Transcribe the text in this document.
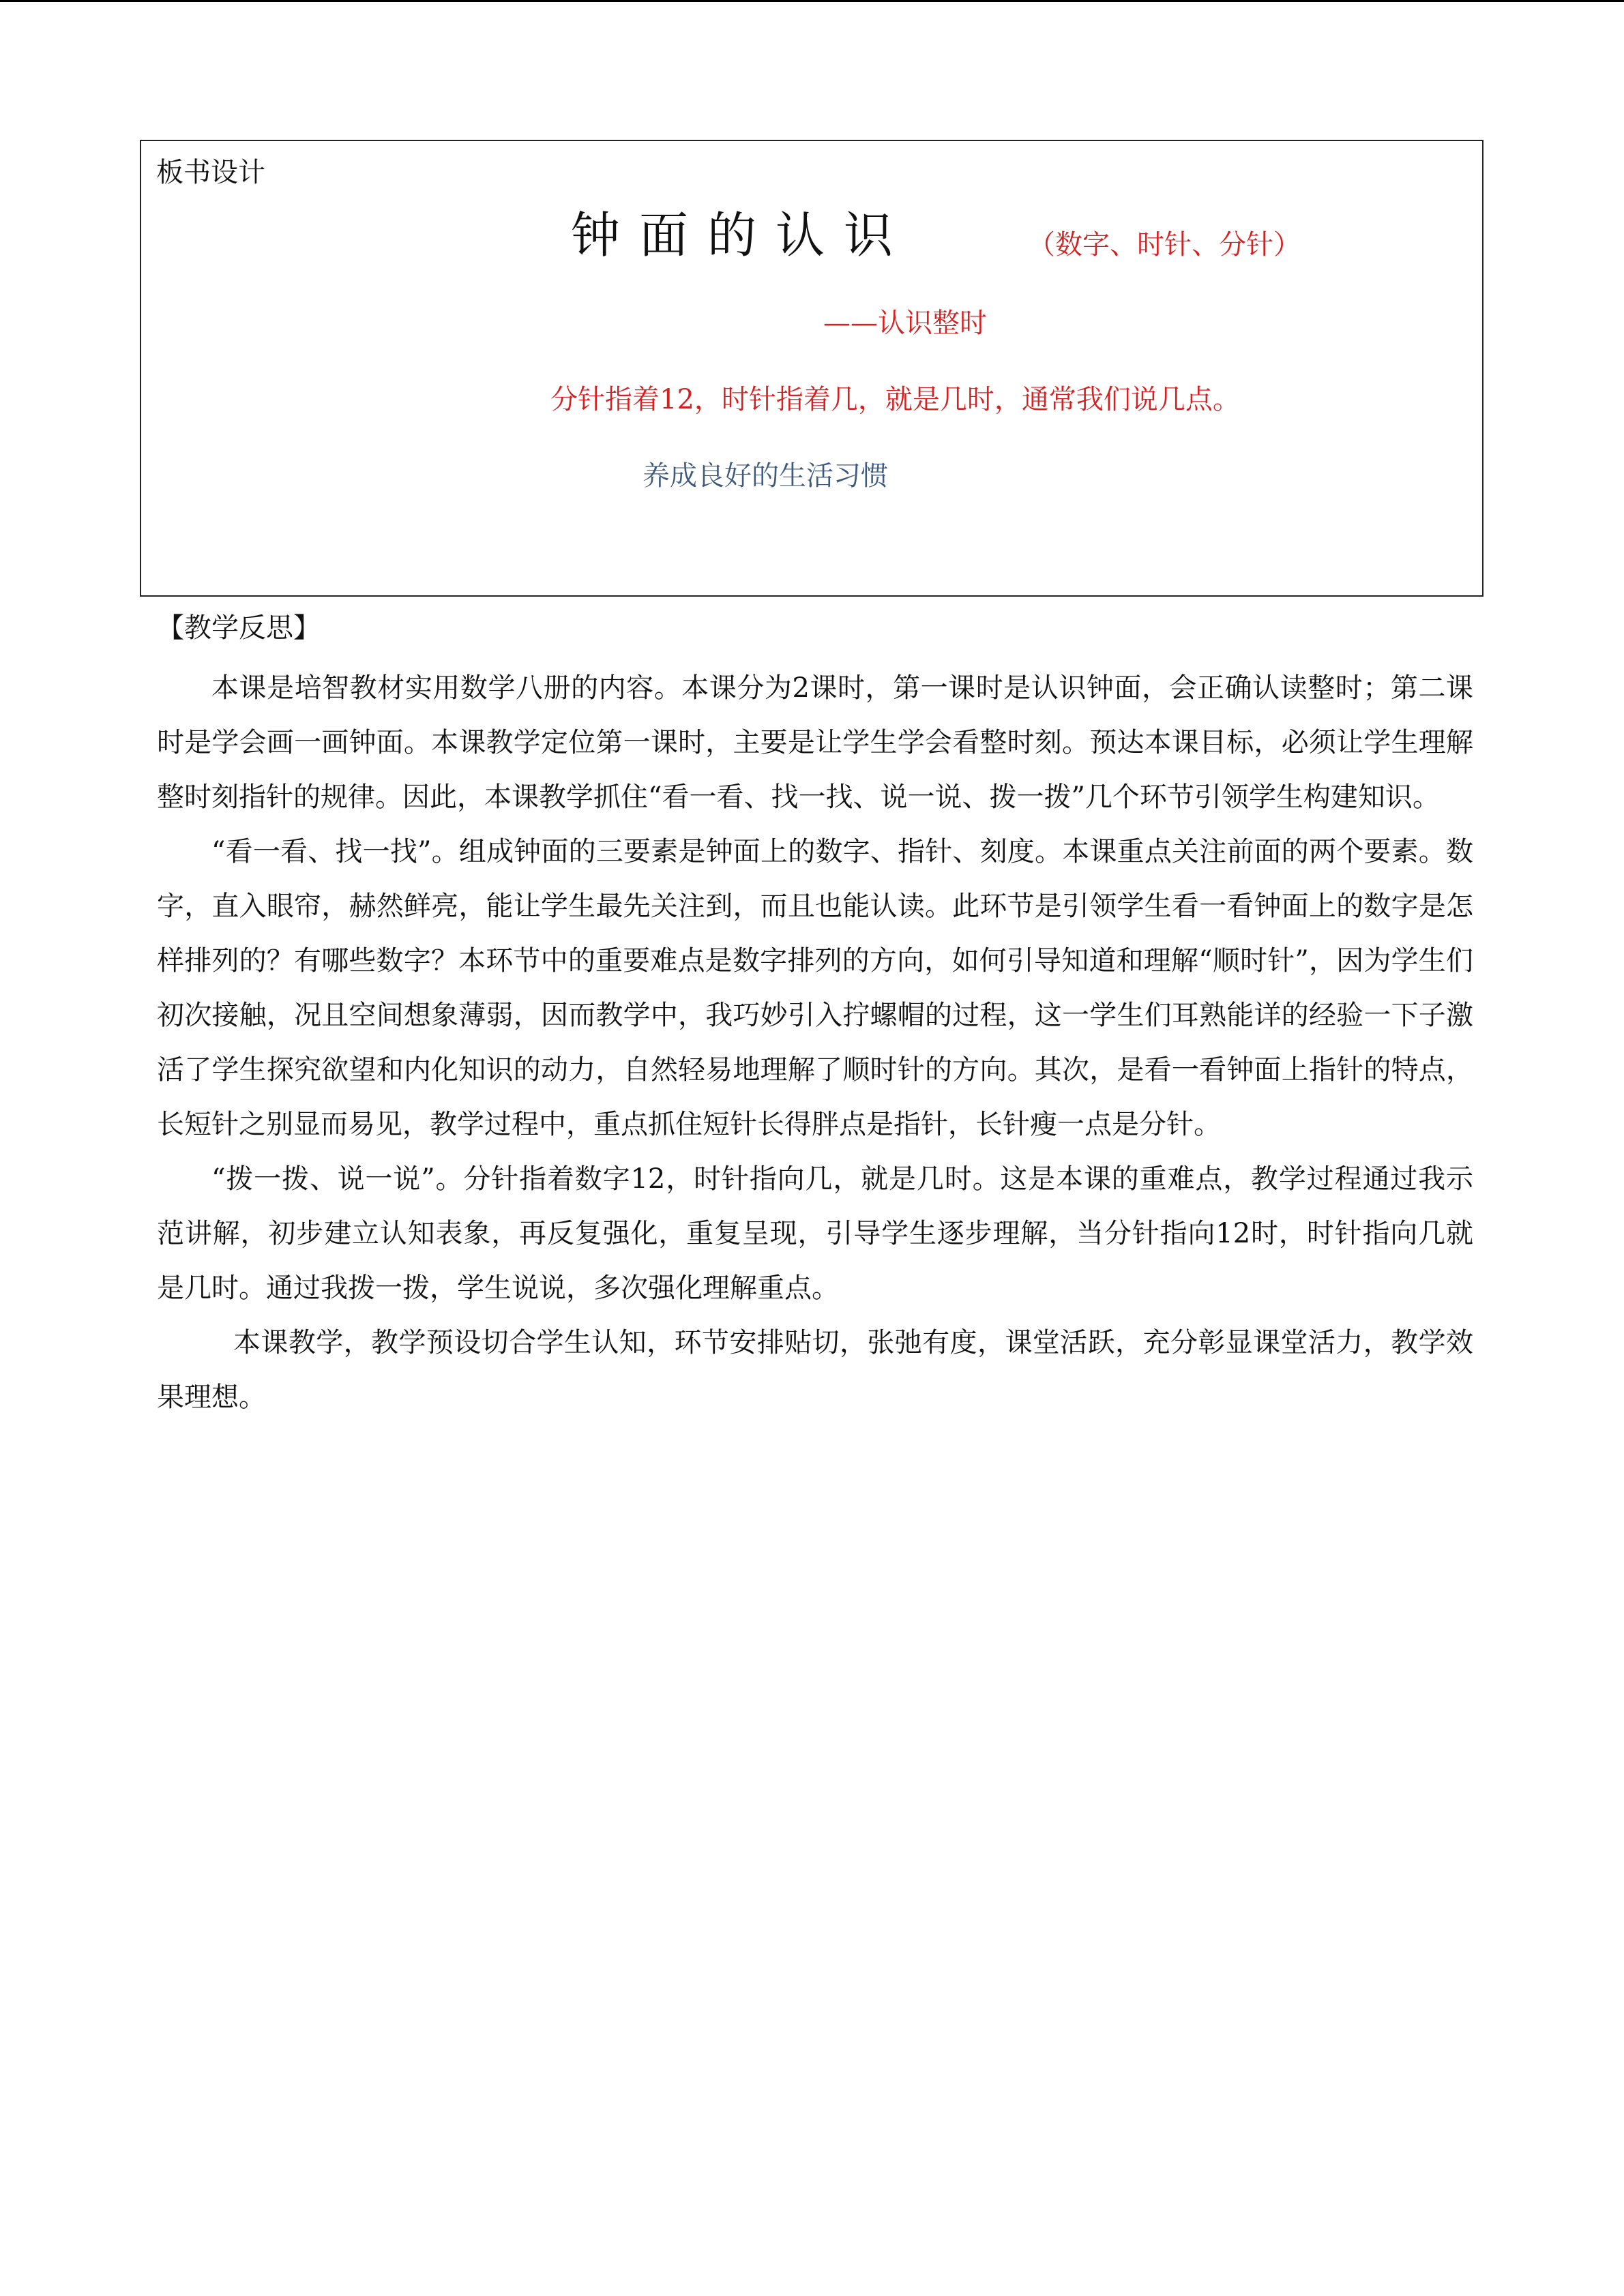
板书设计
钟面的认识	（数字、时针、分针）
——认识整时
分针指着12，时针指着几，就是几时，通常我们说几点。
养成良好的生活习惯
【教学反思】

本课是培智教材实用数学八册的内容。本课分为2课时，第一课时是认识钟面，会正确认读整时；第二课时是学会画一画钟面。本课教学定位第一课时，主要是让学生学会看整时刻。预达本课目标，必须让学生理解整时刻指针的规律。因此，本课教学抓住“看一看、找一找、说一说、拨一拨”几个环节引领学生构建知识。

“看一看、找一找”。组成钟面的三要素是钟面上的数字、指针、刻度。本课重点关注前面的两个要素。数字，直入眼帘，赫然鲜亮，能让学生最先关注到，而且也能认读。此环节是引领学生看一看钟面上的数字是怎样排列的？有哪些数字？本环节中的重要难点是数字排列的方向，如何引导知道和理解“顺时针”，因为学生们初次接触，况且空间想象薄弱，因而教学中，我巧妙引入拧螺帽的过程，这一学生们耳熟能详的经验一下子激活了学生探究欲望和内化知识的动力，自然轻易地理解了顺时针的方向。其次，是看一看钟面上指针的特点，长短针之别显而易见，教学过程中，重点抓住短针长得胖点是指针，长针瘦一点是分针。

“拨一拨、说一说”。分针指着数字12，时针指向几，就是几时。这是本课的重难点，教学过程通过我示范讲解，初步建立认知表象，再反复强化，重复呈现，引导学生逐步理解，当分针指向12时，时针指向几就是几时。通过我拨一拨，学生说说，多次强化理解重点。

本课教学，教学预设切合学生认知，环节安排贴切，张弛有度，课堂活跃，充分彰显课堂活力，教学效果理想。
